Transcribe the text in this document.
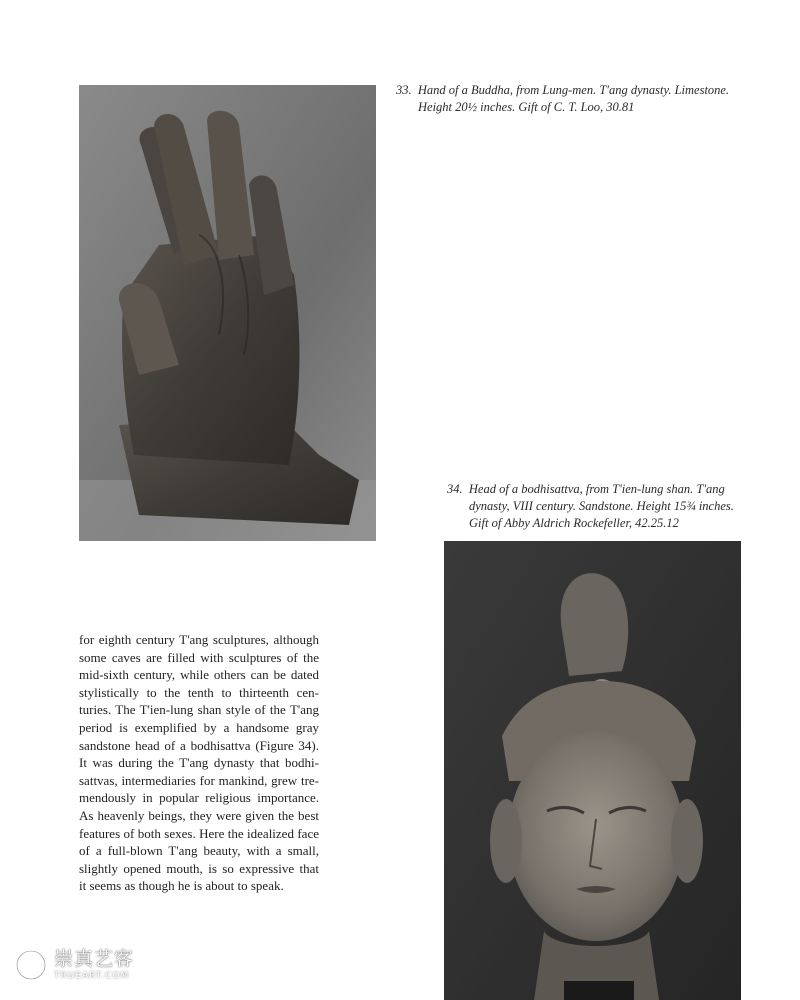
33. Hand of a Buddha, from Lung-men. T'ang dynasty. Limestone.
Height 20½ inches. Gift of C. T. Loo, 30.81
34. Head of a bodhisattva, from T'ien-lung shan. T'ang
dynasty, VIII century. Sandstone. Height 15¾ inches.
Gift of Abby Aldrich Rockefeller, 42.25.12
for eighth century T'ang sculptures, although
some caves are filled with sculptures of the
mid-sixth century, while others can be dated
stylistically to the tenth to thirteenth cen-
turies. The T'ien-lung shan style of the T'ang
period is exemplified by a handsome gray
sandstone head of a bodhisattva (Figure 34).
It was during the T'ang dynasty that bodhi-
sattvas, intermediaries for mankind, grew tre-
mendously in popular religious importance.
As heavenly beings, they were given the best
features of both sexes. Here the idealized face
of a full-blown T'ang beauty, with a small,
slightly opened mouth, is so expressive that
it seems as though he is about to speak.
崇真艺客
TRUEART.COM
